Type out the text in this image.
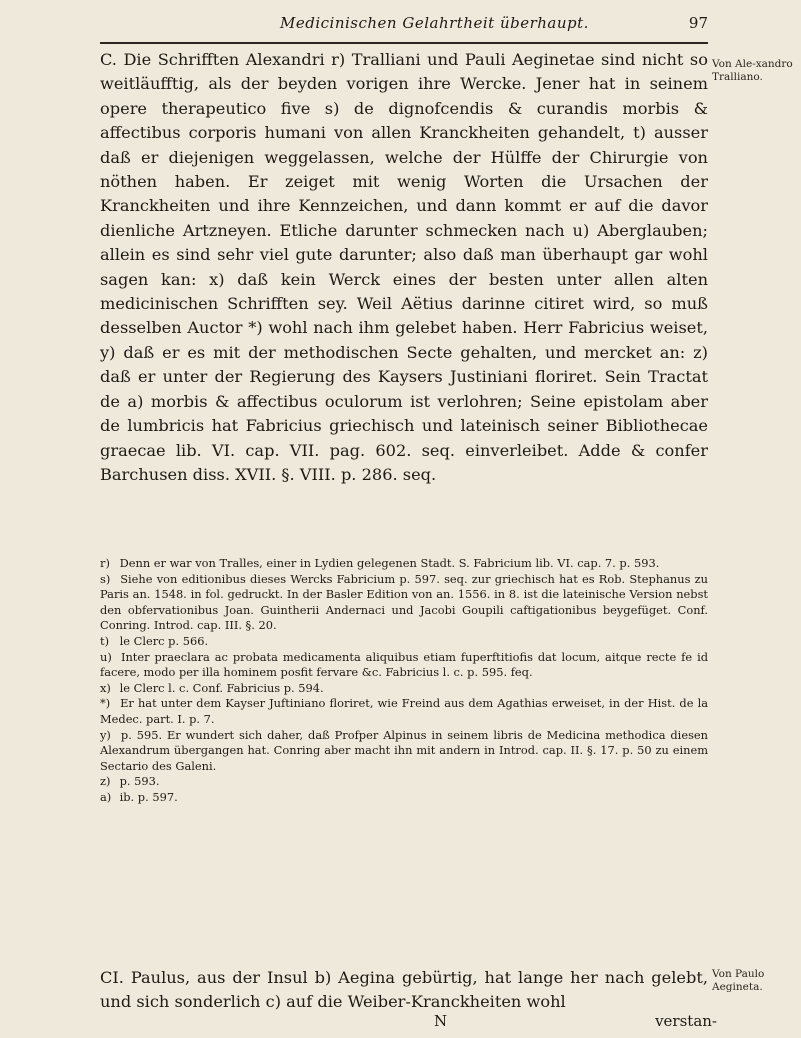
Medicinischen Gelahrtheit überhaupt.	97
Von Ale-xandro Tralliano.

C. Die Schrifften Alexandri r) Tralliani und Pauli Aeginetae sind nicht so weitläufftig, als der beyden vorigen ihre Wercke. Jener hat in seinem opere therapeutico five s) de dignofcendis & curandis morbis & affectibus corporis humani von allen Kranckheiten gehandelt, t) ausser daß er diejenigen weggelassen, welche der Hülffe der Chirurgie von nöthen haben. Er zeiget mit wenig Worten die Ursachen der Kranckheiten und ihre Kennzeichen, und dann kommt er auf die davor dienliche Artzneyen. Etliche darunter schmecken nach u) Aberglauben; allein es sind sehr viel gute darunter; also daß man überhaupt gar wohl sagen kan: x) daß kein Werck eines der besten unter allen alten medicinischen Schrifften sey. Weil Aëtius darinne citiret wird, so muß desselben Auctor *) wohl nach ihm gelebet haben. Herr Fabricius weiset, y) daß er es mit der methodischen Secte gehalten, und mercket an: z) daß er unter der Regierung des Kaysers Justiniani floriret. Sein Tractat de a) morbis & affectibus oculorum ist verlohren; Seine epistolam aber de lumbricis hat Fabricius griechisch und lateinisch seiner Bibliothecae graecae lib. VI. cap. VII. pag. 602. seq. einverleibet. Adde & confer Barchusen diss. XVII. §. VIII. p. 286. seq.

r) Denn er war von Tralles, einer in Lydien gelegenen Stadt. S. Fabricium lib. VI. cap. 7. p. 593.

s) Siehe von editionibus dieses Wercks Fabricium p. 597. seq. zur griechisch hat es Rob. Stephanus zu Paris an. 1548. in fol. gedruckt. In der Basler Edition von an. 1556. in 8. ist die lateinische Version nebst den obfervationibus Joan. Guintherii Andernaci und Jacobi Goupili caftigationibus beygefüget. Conf. Conring. Introd. cap. III. §. 20.

t) le Clerc p. 566.

u) Inter praeclara ac probata medicamenta aliquibus etiam fuperftitiofis dat locum, aitque recte fe id facere, modo per illa hominem posfit fervare &c. Fabricius l. c. p. 595. feq.

x) le Clerc l. c. Conf. Fabricius p. 594.

*) Er hat unter dem Kayser Juftiniano floriret, wie Freind aus dem Agathias erweiset, in der Hist. de la Medec. part. I. p. 7.

y) p. 595. Er wundert sich daher, daß Profper Alpinus in seinem libris de Medicina methodica diesen Alexandrum übergangen hat. Conring aber macht ihn mit andern in Introd. cap. II. §. 17. p. 50 zu einem Sectario des Galeni.

z) p. 593.

a) ib. p. 597.

CI. Paulus, aus der Insul b) Aegina gebürtig, hat lange her nach gelebt, und sich sonderlich c) auf die Weiber-Kranckheiten wohl

Von Paulo Aegineta.
N	verstan-
